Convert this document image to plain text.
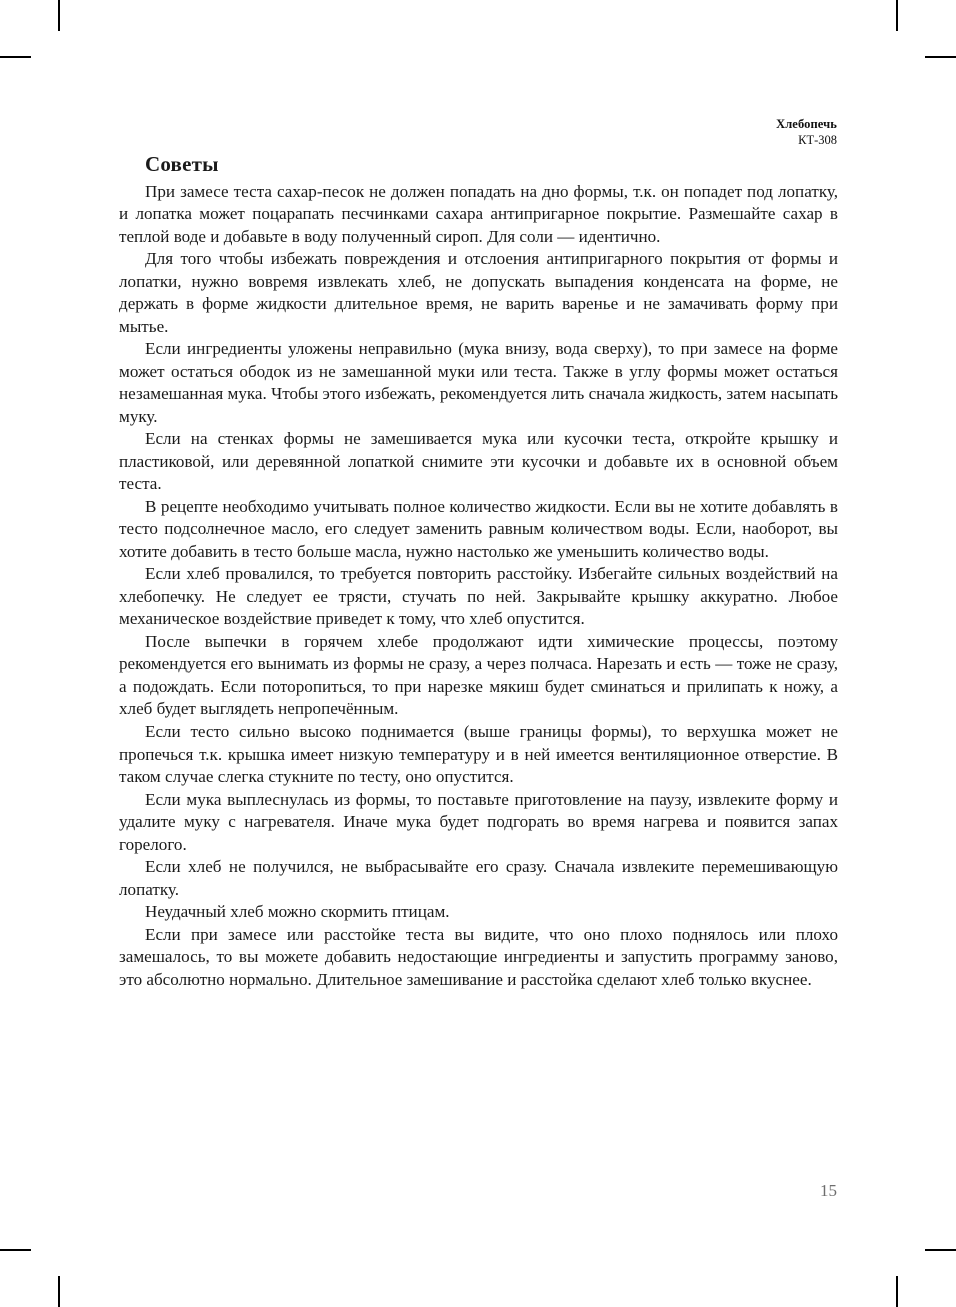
Хлебопечь
КТ-308
Советы

При замесе теста сахар-песок не должен попадать на дно формы, т.к. он попадет под лопатку, и лопатка может поцарапать песчинками сахара антипригарное покрытие. Размешайте сахар в теплой воде и добавьте в воду полученный сироп. Для соли — идентично.

Для того чтобы избежать повреждения и отслоения антипригарного покрытия от формы и лопатки, нужно вовремя извлекать хлеб, не допускать выпадения конденсата на форме, не держать в форме жидкости длительное время, не варить варенье и не замачивать форму при мытье.

Если ингредиенты уложены неправильно (мука внизу, вода сверху), то при замесе на форме может остаться ободок из не замешанной муки или теста. Также в углу формы может остаться незамешанная мука. Чтобы этого избежать, рекомендуется лить сначала жидкость, затем насыпать муку.

Если на стенках формы не замешивается мука или кусочки теста, откройте крышку и пластиковой, или деревянной лопаткой снимите эти кусочки и добавьте их в основной объем теста.

В рецепте необходимо учитывать полное количество жидкости. Если вы не хотите добавлять в тесто подсолнечное масло, его следует заменить равным количеством воды. Если, наоборот, вы хотите добавить в тесто больше масла, нужно настолько же уменьшить количество воды.

Если хлеб провалился, то требуется повторить расстойку. Избегайте сильных воздействий на хлебопечку. Не следует ее трясти, стучать по ней. Закрывайте крышку аккуратно. Любое механическое воздействие приведет к тому, что хлеб опустится.

После выпечки в горячем хлебе продолжают идти химические процессы, поэтому рекомендуется его вынимать из формы не сразу, а через полчаса. Нарезать и есть — тоже не сразу, а подождать. Если поторопиться, то при нарезке мякиш будет сминаться и прилипать к ножу, а хлеб будет выглядеть непропечённым.

Если тесто сильно высоко поднимается (выше границы формы), то верхушка может не пропечься т.к. крышка имеет низкую температуру и в ней имеется вентиляционное отверстие. В таком случае слегка стукните по тесту, оно опустится.

Если мука выплеснулась из формы, то поставьте приготовление на паузу, извлеките форму и удалите муку с нагревателя. Иначе мука будет подгорать во время нагрева и появится запах горелого.

Если хлеб не получился, не выбрасывайте его сразу. Сначала извлеките перемешивающую лопатку.

Неудачный хлеб можно скормить птицам.

Если при замесе или расстойке теста вы видите, что оно плохо поднялось или плохо замешалось, то вы можете добавить недостающие ингредиенты и запустить программу заново, это абсолютно нормально. Длительное замешивание и расстойка сделают хлеб только вкуснее.

15
